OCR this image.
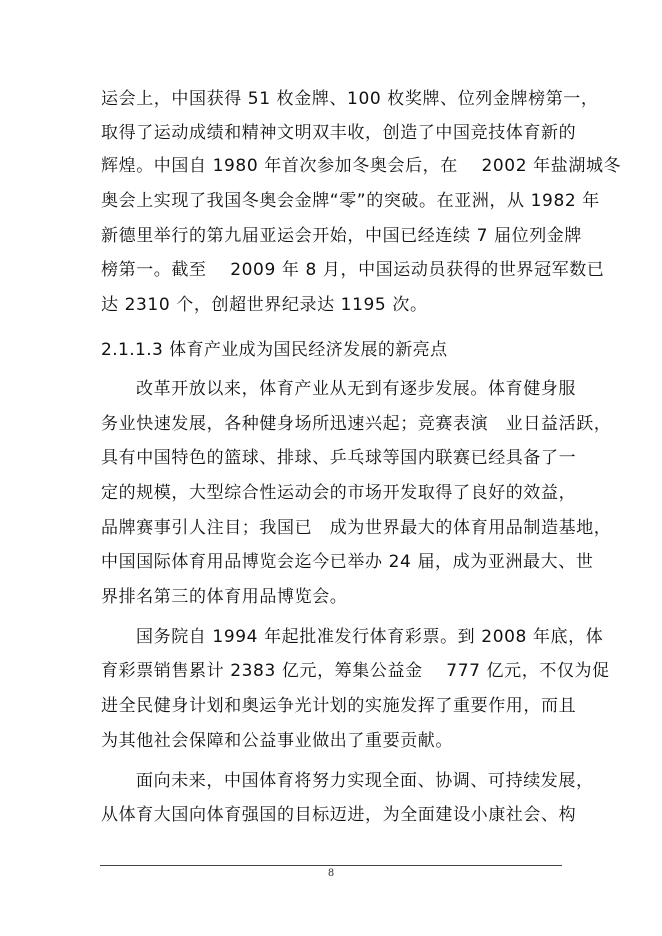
运会上，中国获得 51 枚金牌、100 枚奖牌、位列金牌榜第一，
取得了运动成绩和精神文明双丰收，创造了中国竞技体育新的
辉煌。中国自 1980 年首次参加冬奥会后，在　 2002 年盐湖城冬
奥会上实现了我国冬奥会金牌“零”的突破。在亚洲，从 1982 年
新德里举行的第九届亚运会开始，中国已经连续 7 届位列金牌
榜第一。截至　 2009 年 8 月，中国运动员获得的世界冠军数已
达 2310 个，创超世界纪录达 1195 次。
2.1.1.3 体育产业成为国民经济发展的新亮点
改革开放以来，体育产业从无到有逐步发展。体育健身服
务业快速发展，各种健身场所迅速兴起；竞赛表演　业日益活跃，
具有中国特色的篮球、排球、乒乓球等国内联赛已经具备了一
定的规模，大型综合性运动会的市场开发取得了良好的效益，
品牌赛事引人注目；我国已　成为世界最大的体育用品制造基地，
中国国际体育用品博览会迄今已举办 24 届，成为亚洲最大、世
界排名第三的体育用品博览会。
国务院自 1994 年起批准发行体育彩票。到 2008 年底，体
育彩票销售累计 2383 亿元，筹集公益金　 777 亿元，不仅为促
进全民健身计划和奥运争光计划的实施发挥了重要作用，而且
为其他社会保障和公益事业做出了重要贡献。
面向未来，中国体育将努力实现全面、协调、可持续发展，
从体育大国向体育强国的目标迈进，为全面建设小康社会、构
8
